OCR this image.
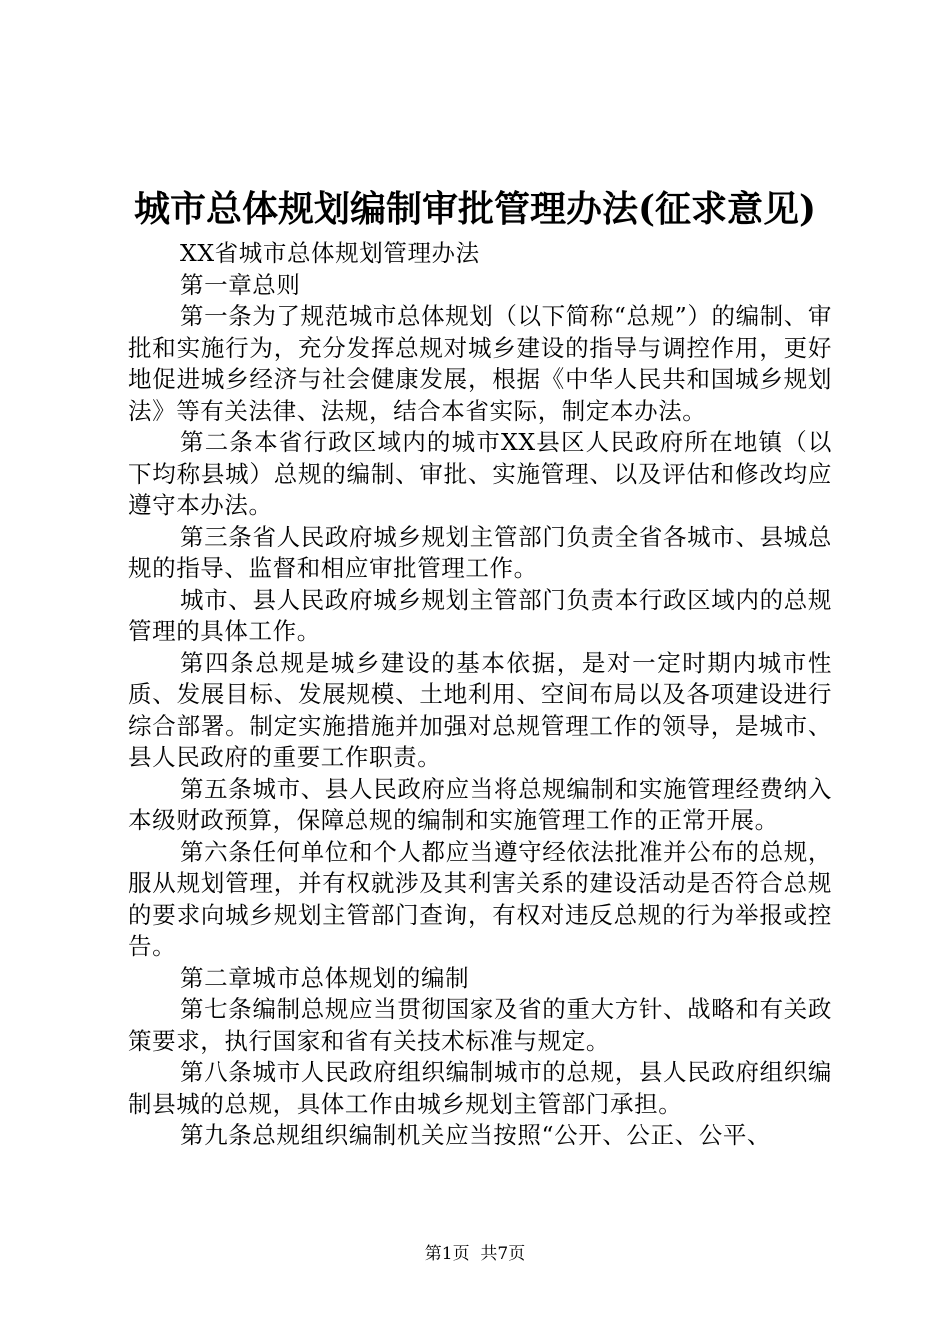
城市总体规划编制审批管理办法(征求意见)

XX省城市总体规划管理办法

第一章总则

第一条为了规范城市总体规划（以下简称“总规”）的编制、审批和实施行为，充分发挥总规对城乡建设的指导与调控作用，更好地促进城乡经济与社会健康发展，根据《中华人民共和国城乡规划法》等有关法律、法规，结合本省实际，制定本办法。

第二条本省行政区域内的城市XX县区人民政府所在地镇（以下均称县城）总规的编制、审批、实施管理、以及评估和修改均应遵守本办法。

第三条省人民政府城乡规划主管部门负责全省各城市、县城总规的指导、监督和相应审批管理工作。

城市、县人民政府城乡规划主管部门负责本行政区域内的总规管理的具体工作。

第四条总规是城乡建设的基本依据，是对一定时期内城市性质、发展目标、发展规模、土地利用、空间布局以及各项建设进行综合部署。制定实施措施并加强对总规管理工作的领导，是城市、县人民政府的重要工作职责。

第五条城市、县人民政府应当将总规编制和实施管理经费纳入本级财政预算，保障总规的编制和实施管理工作的正常开展。

第六条任何单位和个人都应当遵守经依法批准并公布的总规，服从规划管理，并有权就涉及其利害关系的建设活动是否符合总规的要求向城乡规划主管部门查询，有权对违反总规的行为举报或控告。

第二章城市总体规划的编制

第七条编制总规应当贯彻国家及省的重大方针、战略和有关政策要求，执行国家和省有关技术标准与规定。

第八条城市人民政府组织编制城市的总规，县人民政府组织编制县城的总规，具体工作由城乡规划主管部门承担。

第九条总规组织编制机关应当按照“公开、公正、公平、

第1页  共7页
